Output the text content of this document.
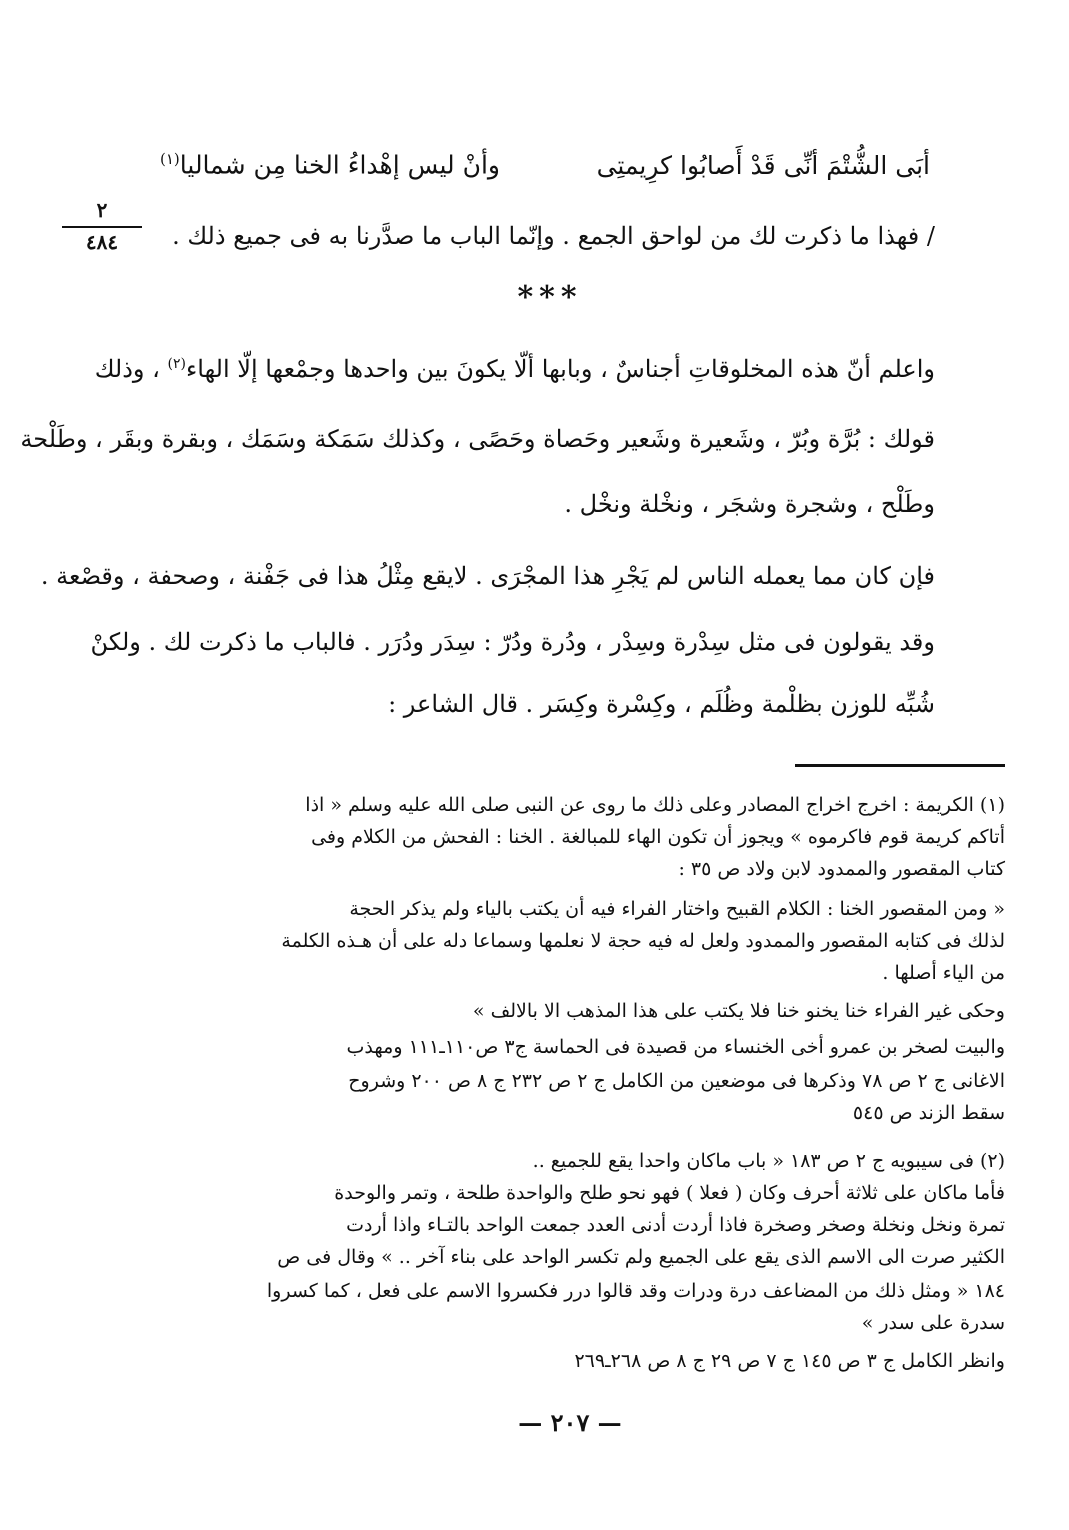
أبَى الشُّتْمَ أنِّى قَدْ أَصابُوا كرِيمتِى
وأنْ ليس إهْداءُ الخنا مِن شماليا$^{(١)}$
٢
٤٨٤	/ فهذا ما ذكرت لك من لواحق الجمع . وإنّما الباب ما صدَّرنا به فى جميع ذلك .
***
واعلم أنّ هذه المخلوقاتِ أجناسٌ ، وبابها ألّا يكونَ بين واحدها وجمْعها إلّا الهاء$^{(٢)}$ ، وذلك
قولك : بُرَّة وبُرّ ، وشَعيرة وشَعير وحَصاة وحَصًى ، وكذلك سَمَكة وسَمَك ، وبقرة وبقَر ، وطَلْحة
وطَلْح ، وشجرة وشجَر ، ونخْلة ونخْل .
فإن كان مما يعمله الناس لم يَجْرِ هذا المجْرَى . لايقع مِثْلُ هذا فى جَفْنة ، وصحفة ، وقصْعة .
وقد يقولون فى مثل سِدْرة وسِدْر ، ودُرة ودُرّ : سِدَر ودُرَر . فالباب ما ذكرت لك . ولكنْ
شُبِّه للوزن بظلْمة وظُلَم ، وكِسْرة وكِسَر . قال الشاعر :
(١) الكريمة : اخرج اخراج المصادر وعلى ذلك ما روى عن النبى صلى الله عليه وسلم « اذا
أتاكم كريمة قوم فاكرموه » ويجوز أن تكون الهاء للمبالغة . الخنا : الفحش من الكلام وفى
كتاب المقصور والممدود لابن ولاد ص ٣٥ :
« ومن المقصور الخنا : الكلام القبيح واختار الفراء فيه أن يكتب بالياء ولم يذكر الحجة
لذلك فى كتابه المقصور والممدود ولعل له فيه حجة لا نعلمها وسماعا دله على أن هـذه الكلمة
من الياء أصلها .
وحكى غير الفراء خنا يخنو خنا فلا يكتب على هذا المذهب الا بالالف »
والبيت لصخر بن عمرو أخى الخنساء من قصيدة فى الحماسة ج٣ ص١١٠ـ١١١ ومهذب
الاغانى ج ٢ ص ٧٨ وذكرها فى موضعين من الكامل ج ٢ ص ٢٣٢ ج ٨ ص ٢٠٠ وشروح
سقط الزند ص ٥٤٥
(٢) فى سيبويه ج ٢ ص ١٨٣ « باب ماكان واحدا يقع للجميع ..
فأما ماكان على ثلاثة أحرف وكان ( فعلا ) فهو نحو طلح والواحدة طلحة ، وتمر والوحدة
تمرة ونخل ونخلة وصخر وصخرة فاذا أردت أدنى العدد جمعت الواحد بالتـاء واذا أردت
الكثير صرت الى الاسم الذى يقع على الجميع ولم تكسر الواحد على بناء آخر .. » وقال فى ص
١٨٤ « ومثل ذلك من المضاعف درة ودرات وقد قالوا درر فكسروا الاسم على فعل ، كما كسروا
سدرة على سدر »
وانظر الكامل ج ٣ ص ١٤٥ ج ٧ ص ٢٩ ج ٨ ص ٢٦٨ـ٢٦٩
— ٢٠٧ —
